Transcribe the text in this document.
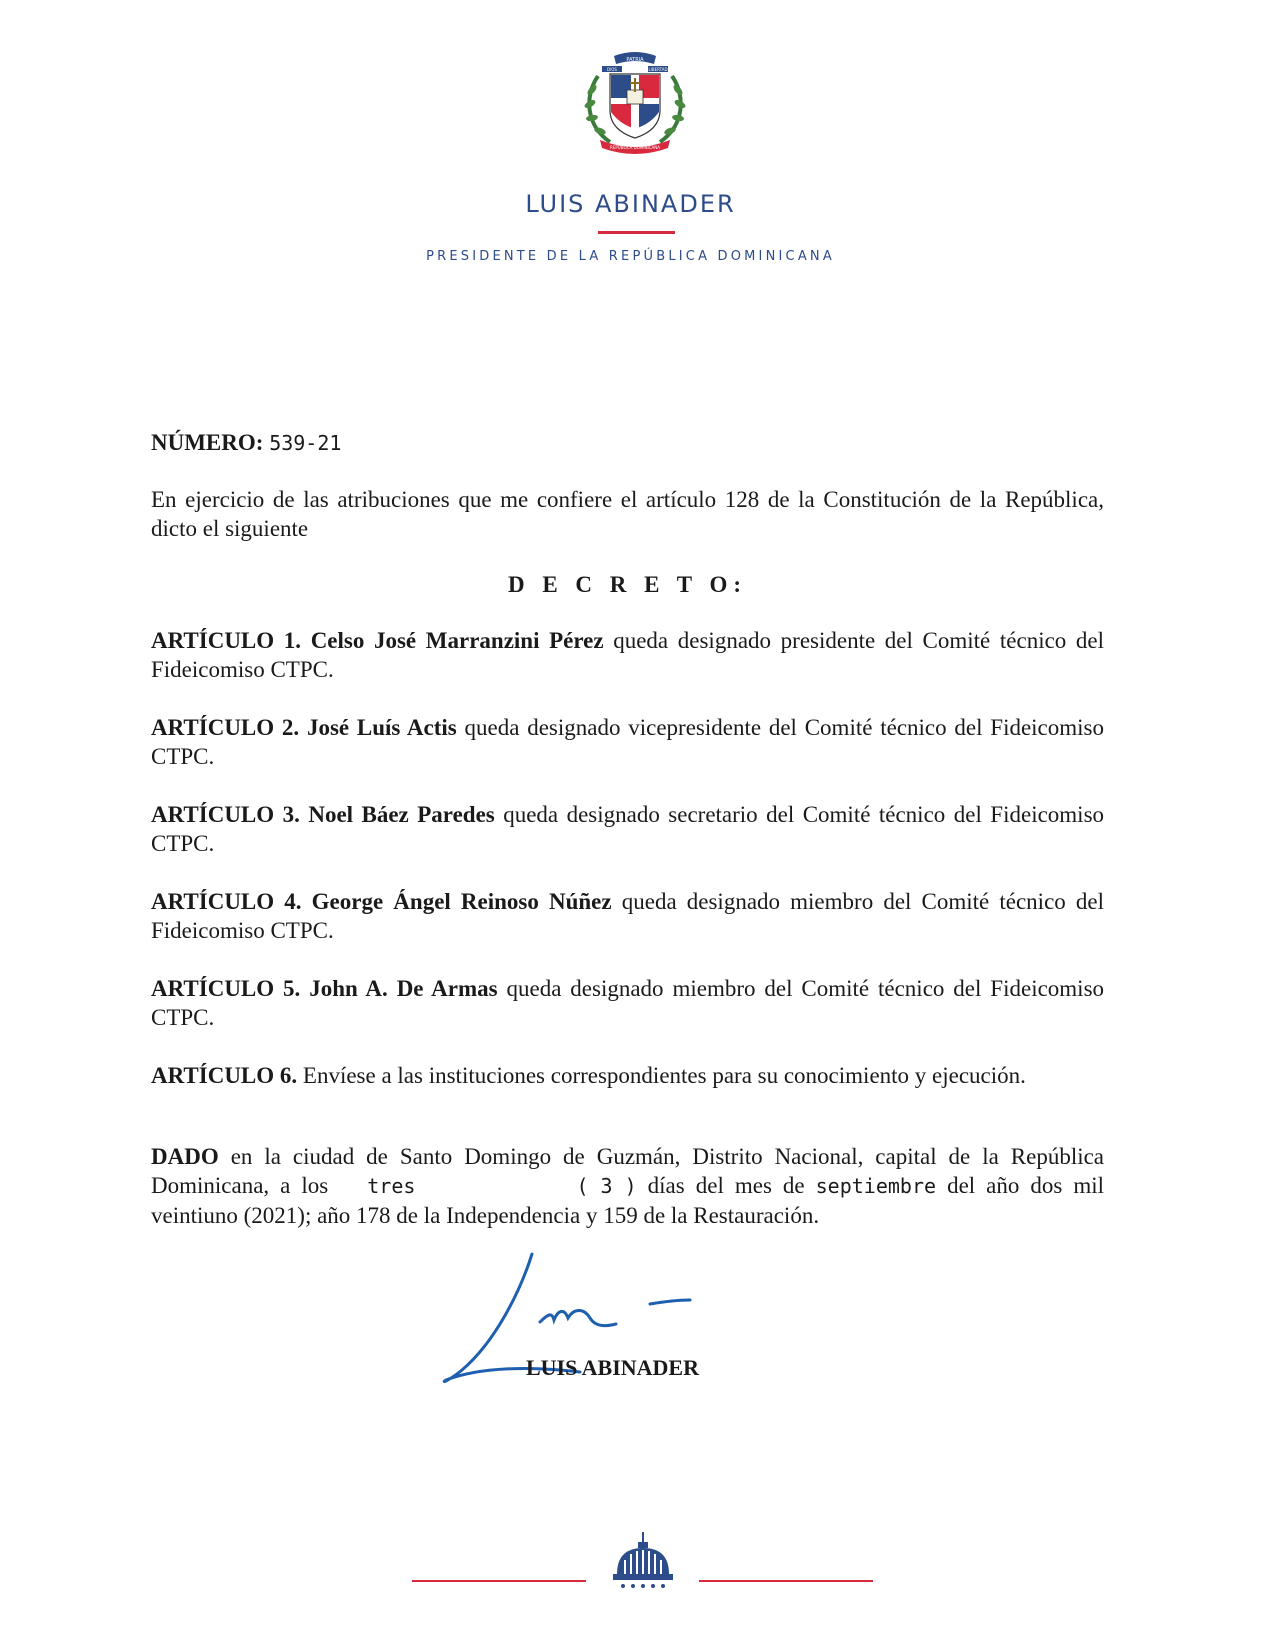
PATRIA
DIOS	LIBERTAD
REPÚBLICA DOMINICANA
LUIS ABINADER
PRESIDENTE DE LA REPÚBLICA DOMINICANA

NÚMERO: 539-21

En ejercicio de las atribuciones que me confiere el artículo 128 de la Constitución de la República, dicto el siguiente

D E C R E T O:

ARTÍCULO 1. Celso José Marranzini Pérez queda designado presidente del Comité técnico del Fideicomiso CTPC.

ARTÍCULO 2. José Luís Actis queda designado vicepresidente del Comité técnico del Fideicomiso CTPC.

ARTÍCULO 3. Noel Báez Paredes queda designado secretario del Comité técnico del Fideicomiso CTPC.

ARTÍCULO 4. George Ángel Reinoso Núñez queda designado miembro del Comité técnico del Fideicomiso CTPC.

ARTÍCULO 5. John A. De Armas queda designado miembro del Comité técnico del Fideicomiso CTPC.

ARTÍCULO 6. Envíese a las instituciones correspondientes para su conocimiento y ejecución.

DADO en la ciudad de Santo Domingo de Guzmán, Distrito Nacional, capital de la República Dominicana, a los tres	( 3 ) días del mes de septiembre del año dos mil veintiuno (2021); año 178 de la Independencia y 159 de la Restauración.

LUIS ABINADER
